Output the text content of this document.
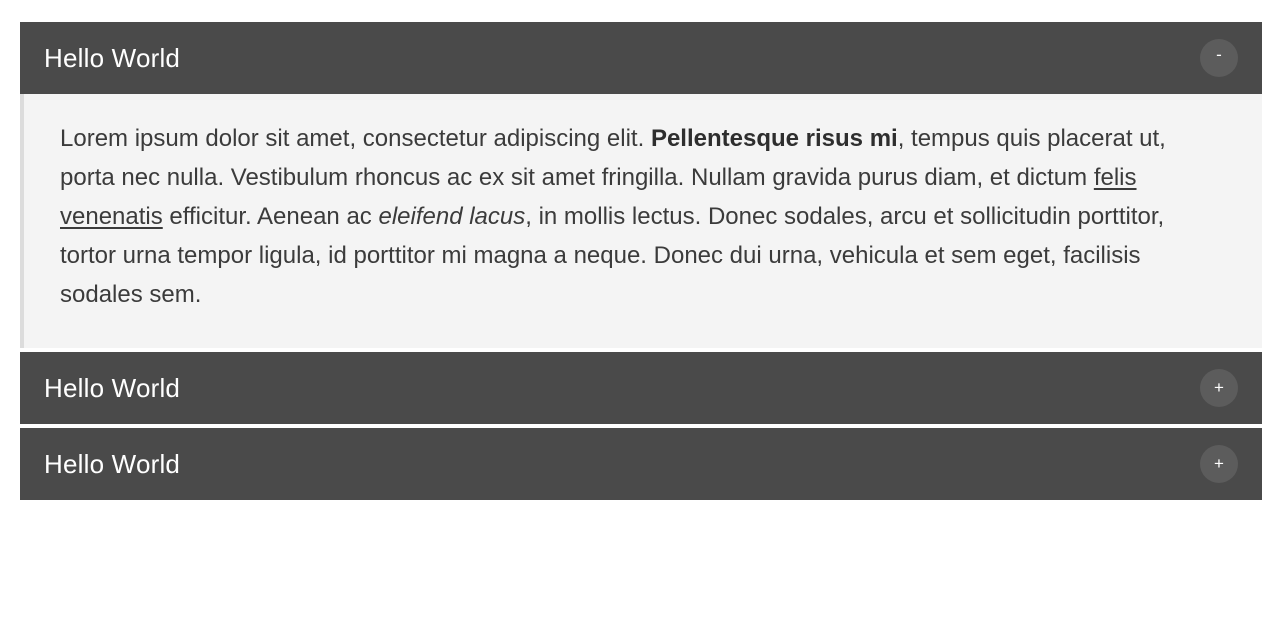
Hello World	-

Lorem ipsum dolor sit amet, consectetur adipiscing elit. Pellentesque risus mi, tempus quis placerat ut, porta nec nulla. Vestibulum rhoncus ac ex sit amet fringilla. Nullam gravida purus diam, et dictum felis venenatis efficitur. Aenean ac eleifend lacus, in mollis lectus. Donec sodales, arcu et sollicitudin porttitor, tortor urna tempor ligula, id porttitor mi magna a neque. Donec dui urna, vehicula et sem eget, facilisis sodales sem.

Hello World	+
Hello World	+
